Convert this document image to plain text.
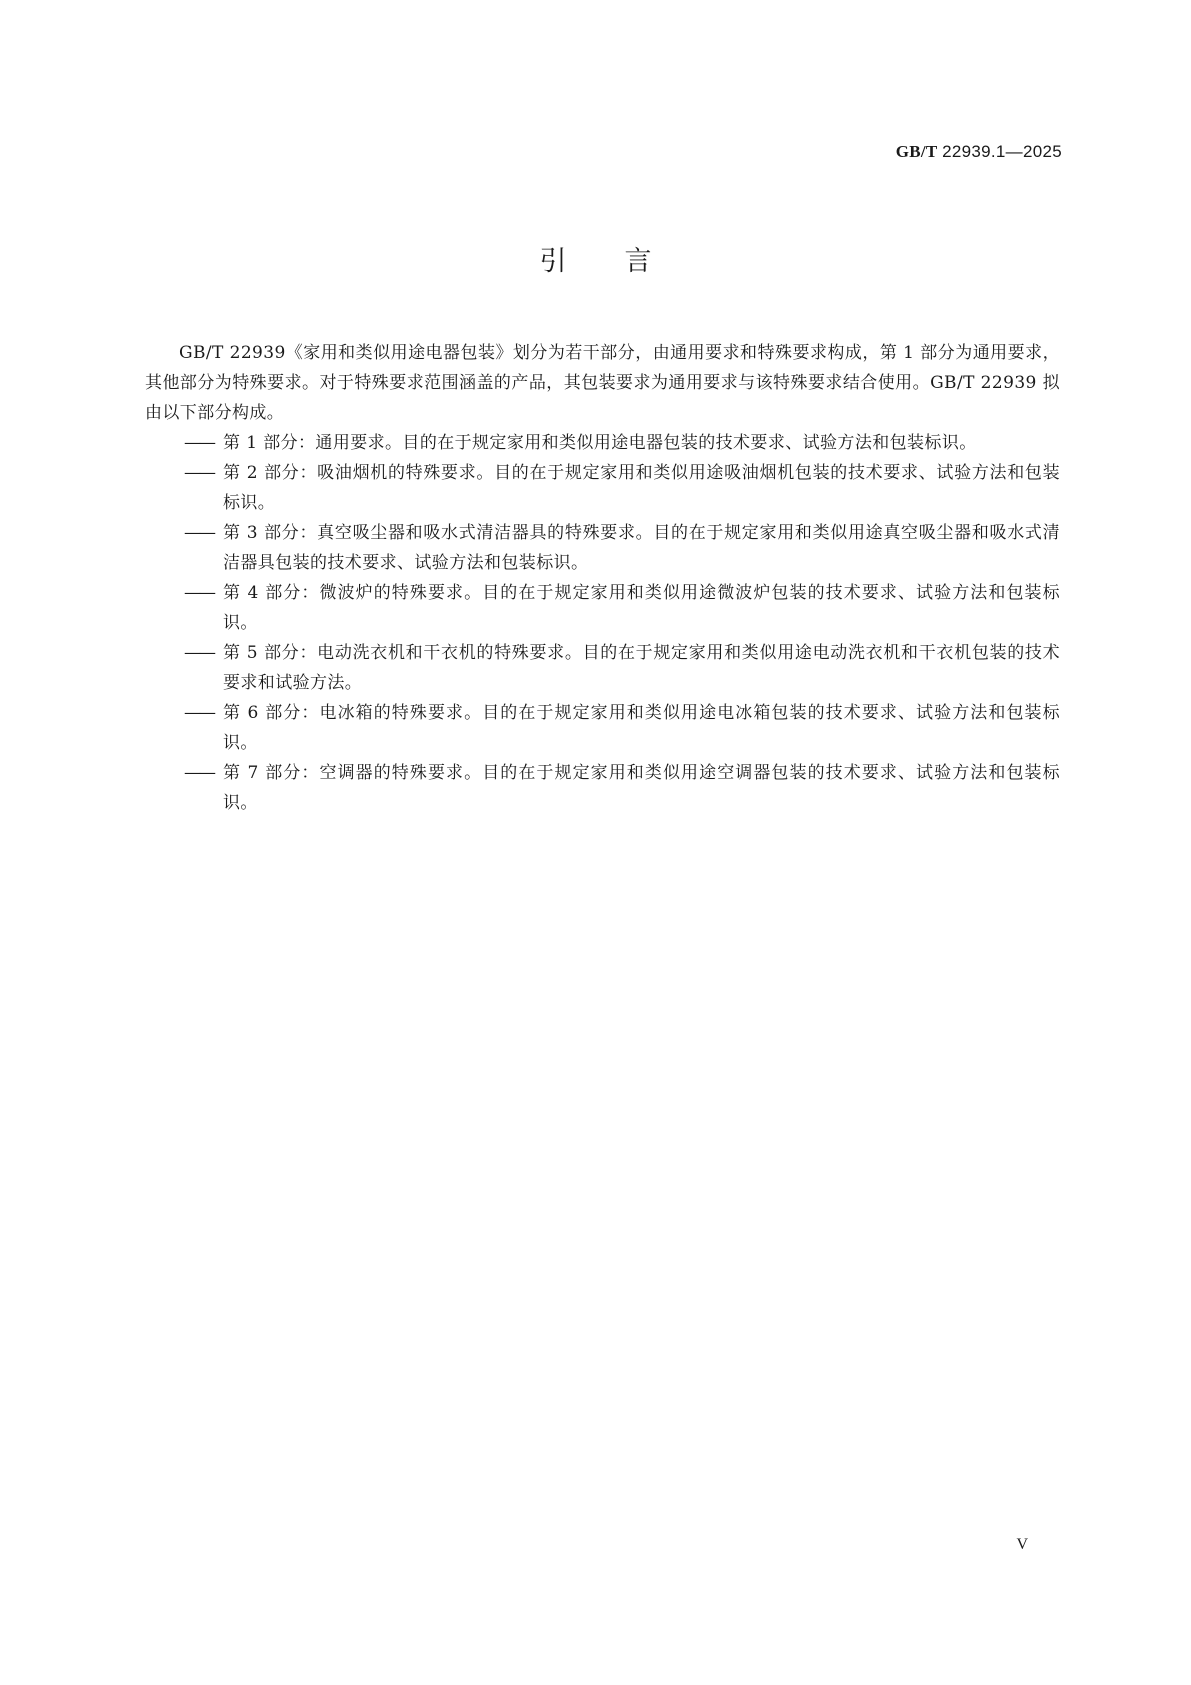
GB/T 22939.1—2025
引言

GB/T 22939《家用和类似用途电器包装》划分为若干部分，由通用要求和特殊要求构成，第 1 部分为通用要求，其他部分为特殊要求。对于特殊要求范围涵盖的产品，其包装要求为通用要求与该特殊要求结合使用。GB/T 22939 拟由以下部分构成。

—— 第 1 部分：通用要求。目的在于规定家用和类似用途电器包装的技术要求、试验方法和包装标识。
—— 第 2 部分：吸油烟机的特殊要求。目的在于规定家用和类似用途吸油烟机包装的技术要求、试验方法和包装标识。
—— 第 3 部分：真空吸尘器和吸水式清洁器具的特殊要求。目的在于规定家用和类似用途真空吸尘器和吸水式清洁器具包装的技术要求、试验方法和包装标识。
—— 第 4 部分：微波炉的特殊要求。目的在于规定家用和类似用途微波炉包装的技术要求、试验方法和包装标识。
—— 第 5 部分：电动洗衣机和干衣机的特殊要求。目的在于规定家用和类似用途电动洗衣机和干衣机包装的技术要求和试验方法。
—— 第 6 部分：电冰箱的特殊要求。目的在于规定家用和类似用途电冰箱包装的技术要求、试验方法和包装标识。
—— 第 7 部分：空调器的特殊要求。目的在于规定家用和类似用途空调器包装的技术要求、试验方法和包装标识。
V
